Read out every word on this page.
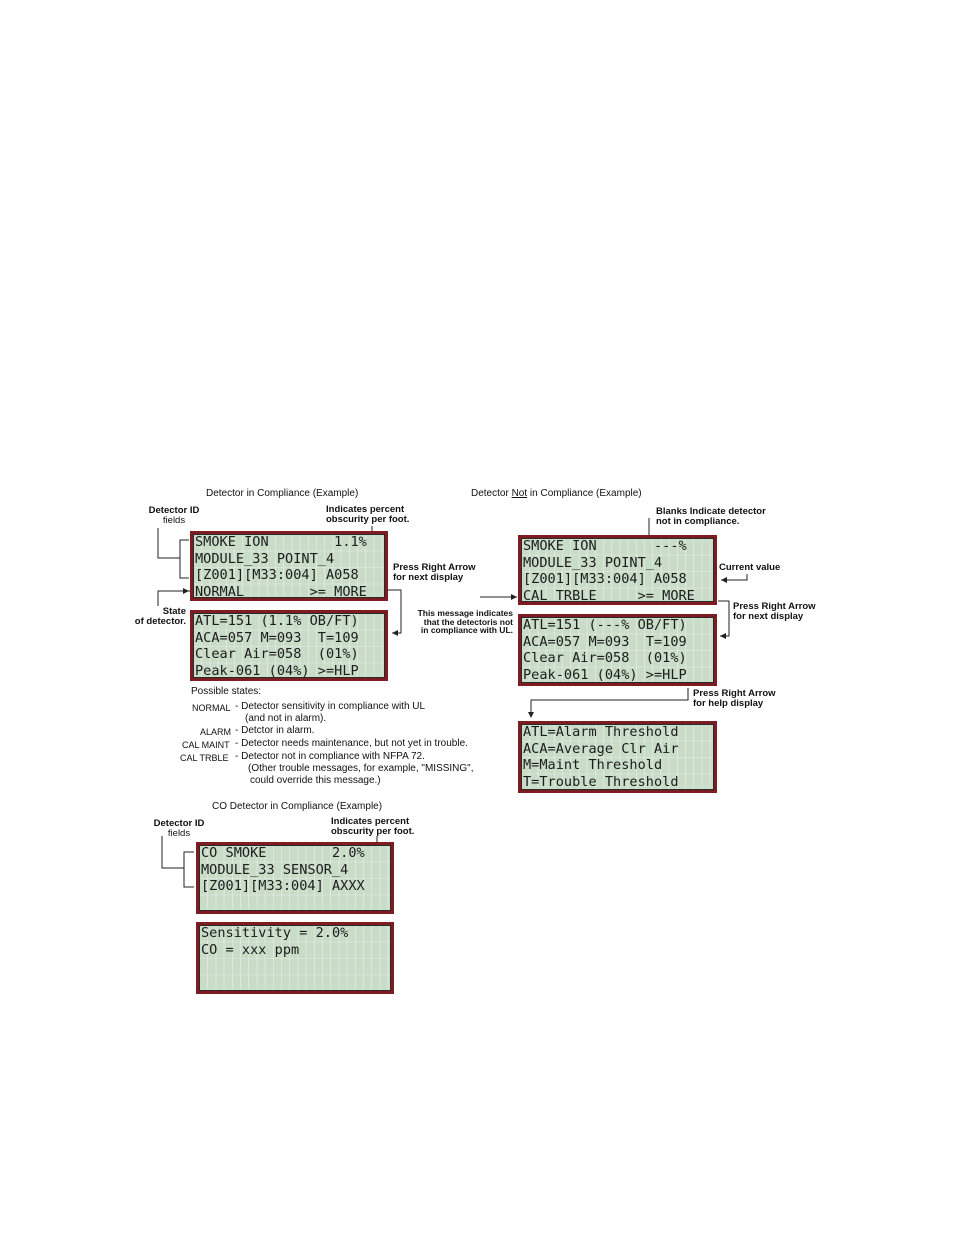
Detector in Compliance (Example)	Detector Not in Compliance (Example)
CO Detector in Compliance (Example)
Detector ID
fields
Indicates percent
obscurity per foot.
Press Right Arrow
for next display
State
of detector.
This message indicates
that the detectoris not
in compliance with UL.
Blanks Indicate detector
not in compliance.
Current value
Press Right Arrow
for next display
Press Right Arrow
for help display
Detector ID
fields
Indicates percent
obscurity per foot.
SMOKE ION        1.1%
MODULE_33 POINT_4
[Z001][M33:004] A058
NORMAL        >= MORE
ATL=151 (1.1% OB/FT)
ACA=057 M=093  T=109
Clear Air=058  (01%)
Peak-061 (04%) >=HLP
SMOKE ION       ---%
MODULE_33 POINT_4
[Z001][M33:004] A058
CAL TRBLE     >= MORE
ATL=151 (---% OB/FT)
ACA=057 M=093  T=109
Clear Air=058  (01%)
Peak-061 (04%) >=HLP
ATL=Alarm Threshold
ACA=Average Clr Air
M=Maint Threshold
T=Trouble Threshold
CO SMOKE        2.0%
MODULE_33 SENSOR_4
[Z001][M33:004] AXXX
Sensitivity = 2.0%
CO = xxx ppm
Possible states:
NORMAL - Detector sensitivity in compliance with UL
(and not in alarm).
ALARM - Detctor in alarm.
CAL MAINT - Detector needs maintenance, but not yet in trouble.
CAL TRBLE - Detector not in compliance with NFPA 72.
(Other trouble messages, for example, "MISSING",
could override this message.)
